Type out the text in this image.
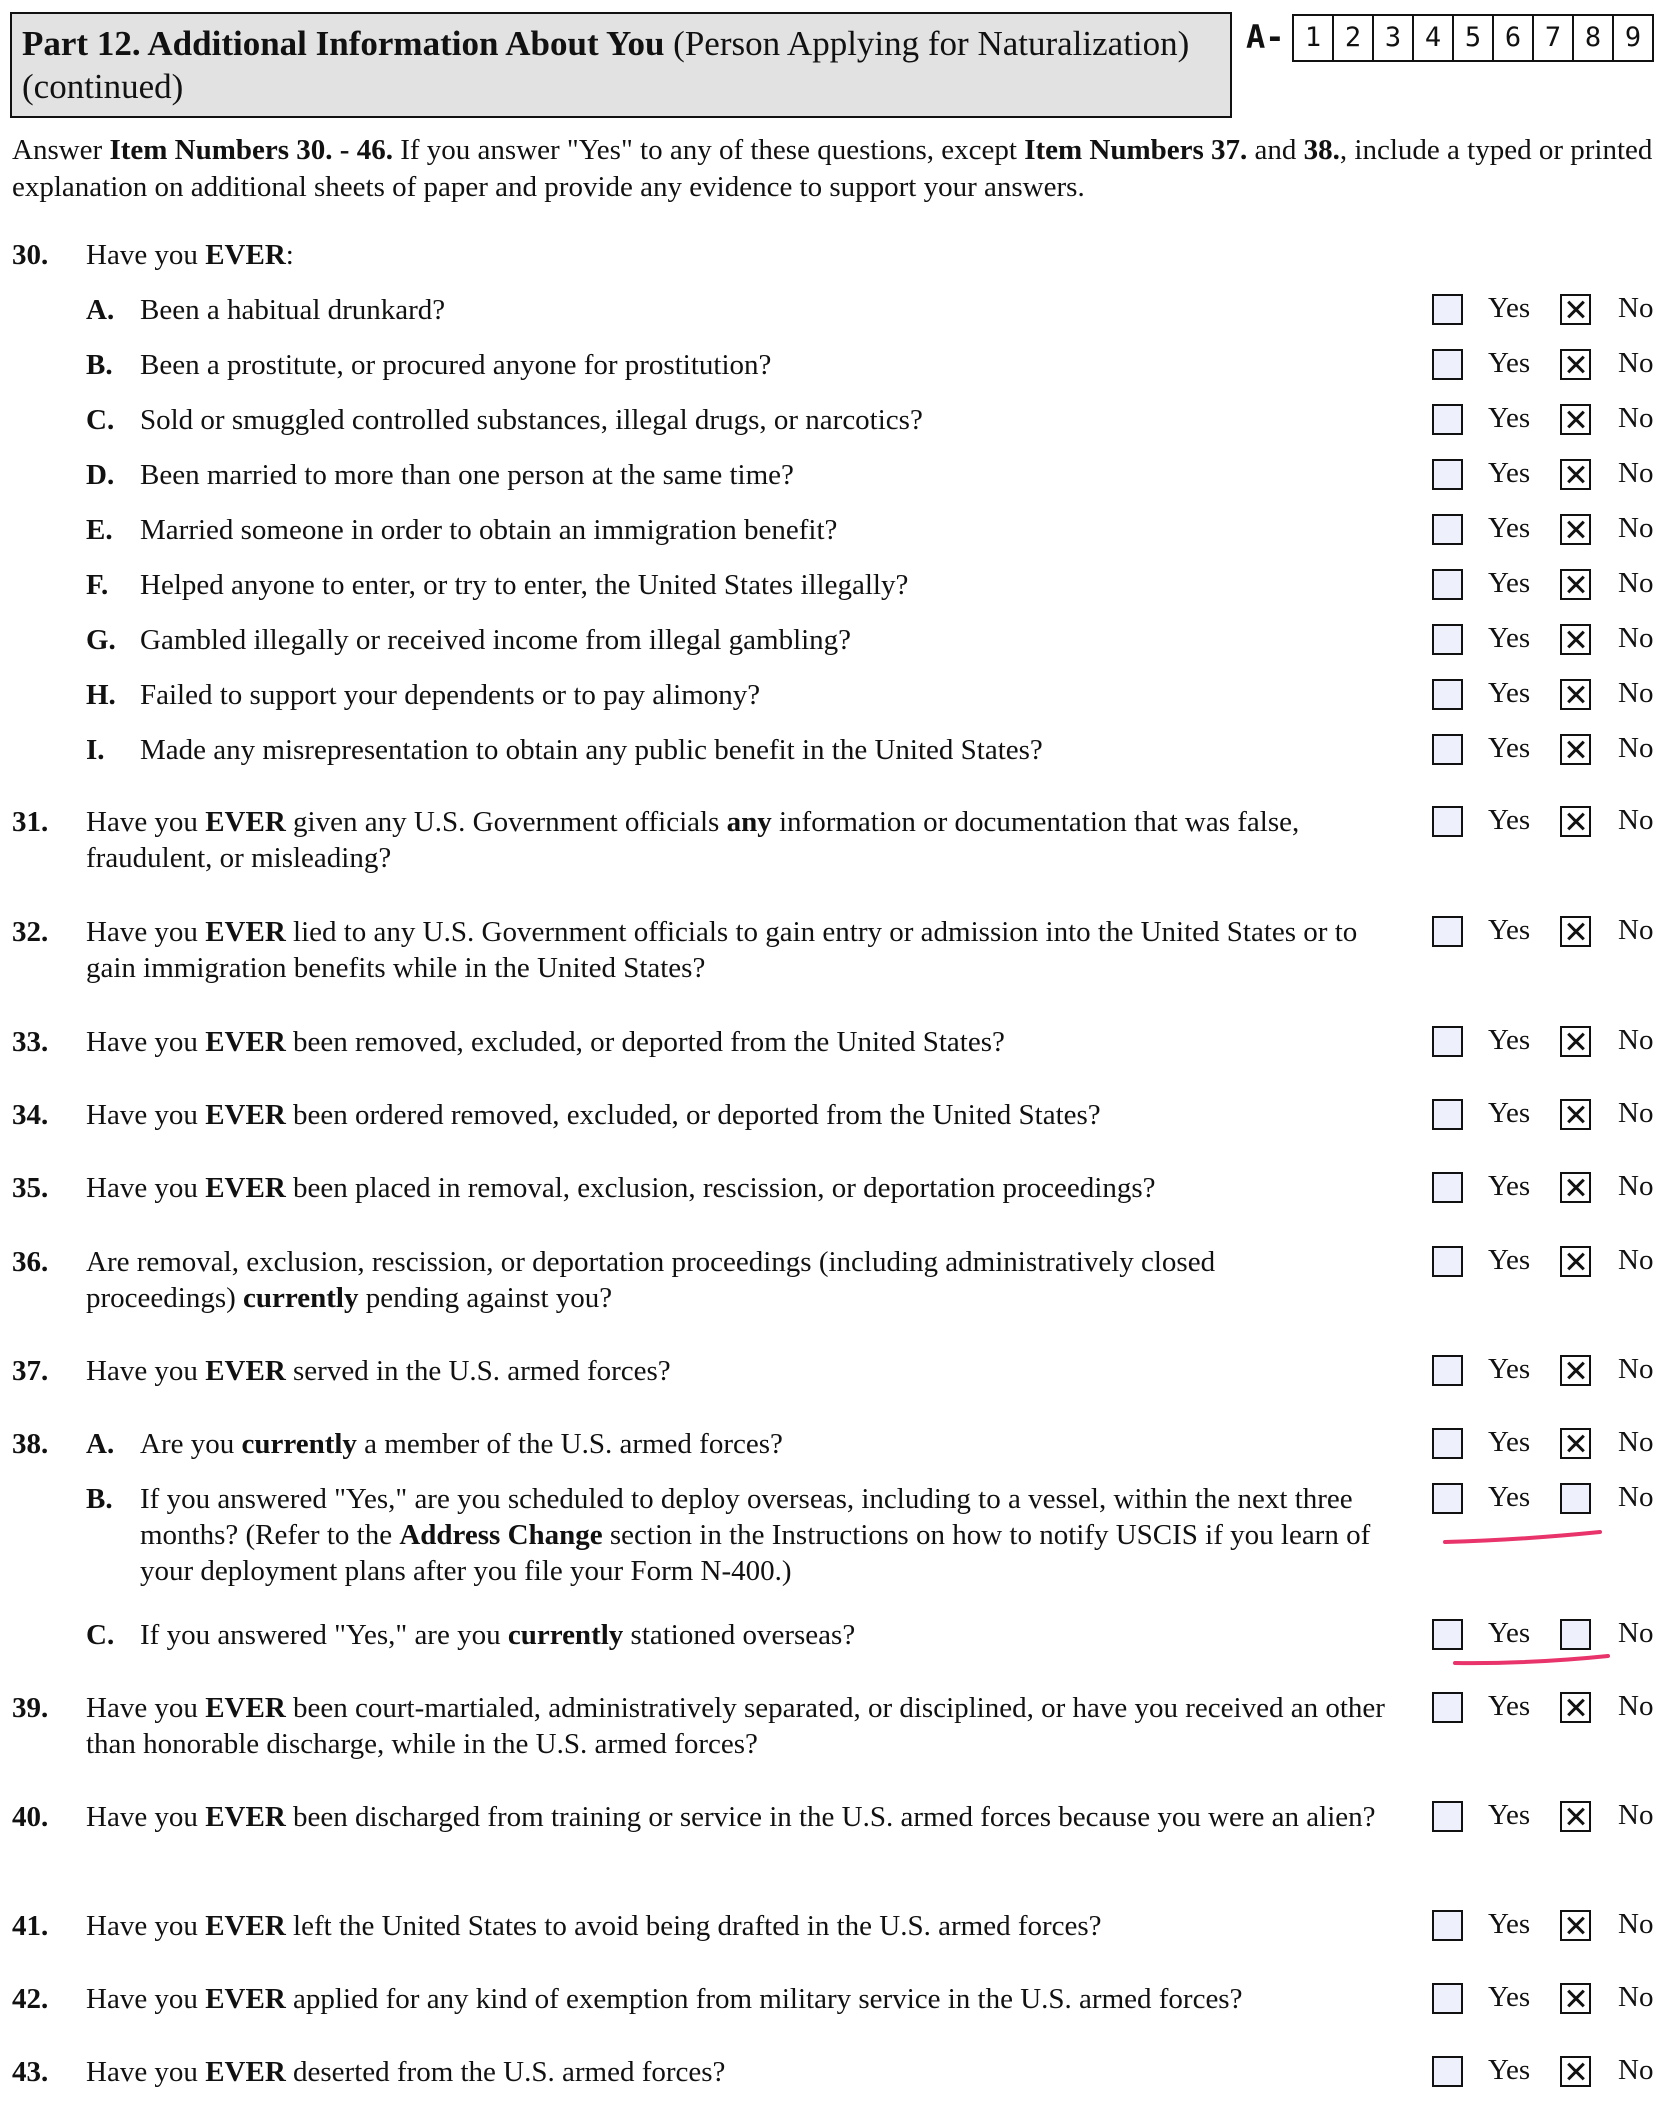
Part 12. Additional Information About You (Person Applying for Naturalization) (continued)
A- 1 2 3 4 5 6 7 8 9
Answer Item Numbers 30. - 46. If you answer "Yes" to any of these questions, except Item Numbers 37. and 38., include a typed or printed explanation on additional sheets of paper and provide any evidence to support your answers.
30. Have you EVER:
A. Been a habitual drunkard?	Yes	No
B. Been a prostitute, or procured anyone for prostitution?	Yes	No
C. Sold or smuggled controlled substances, illegal drugs, or narcotics?	Yes	No
D. Been married to more than one person at the same time?	Yes	No
E. Married someone in order to obtain an immigration benefit?	Yes	No
F. Helped anyone to enter, or try to enter, the United States illegally?	Yes	No
G. Gambled illegally or received income from illegal gambling?	Yes	No
H. Failed to support your dependents or to pay alimony?	Yes	No
I. Made any misrepresentation to obtain any public benefit in the United States?	Yes	No
31. Have you EVER given any U.S. Government officials any information or documentation that was false, fraudulent, or misleading?
Yes	No
32. Have you EVER lied to any U.S. Government officials to gain entry or admission into the United States or to gain immigration benefits while in the United States?
Yes	No
33. Have you EVER been removed, excluded, or deported from the United States?	Yes	No
34. Have you EVER been ordered removed, excluded, or deported from the United States?	Yes	No
35. Have you EVER been placed in removal, exclusion, rescission, or deportation proceedings?	Yes	No
36. Are removal, exclusion, rescission, or deportation proceedings (including administratively closed proceedings) currently pending against you?
Yes	No
37. Have you EVER served in the U.S. armed forces?	Yes	No
38. A. Are you currently a member of the U.S. armed forces?	Yes	No
B. If you answered "Yes," are you scheduled to deploy overseas, including to a vessel, within the next three months? (Refer to the Address Change section in the Instructions on how to notify USCIS if you learn of your deployment plans after you file your Form N-400.)
Yes	No
C. If you answered "Yes," are you currently stationed overseas?	Yes	No
39. Have you EVER been court-martialed, administratively separated, or disciplined, or have you received an other than honorable discharge, while in the U.S. armed forces?
Yes	No
40. Have you EVER been discharged from training or service in the U.S. armed forces because you were an alien?	Yes	No
41. Have you EVER left the United States to avoid being drafted in the U.S. armed forces?	Yes	No
42. Have you EVER applied for any kind of exemption from military service in the U.S. armed forces?	Yes	No
43. Have you EVER deserted from the U.S. armed forces?	Yes	No
